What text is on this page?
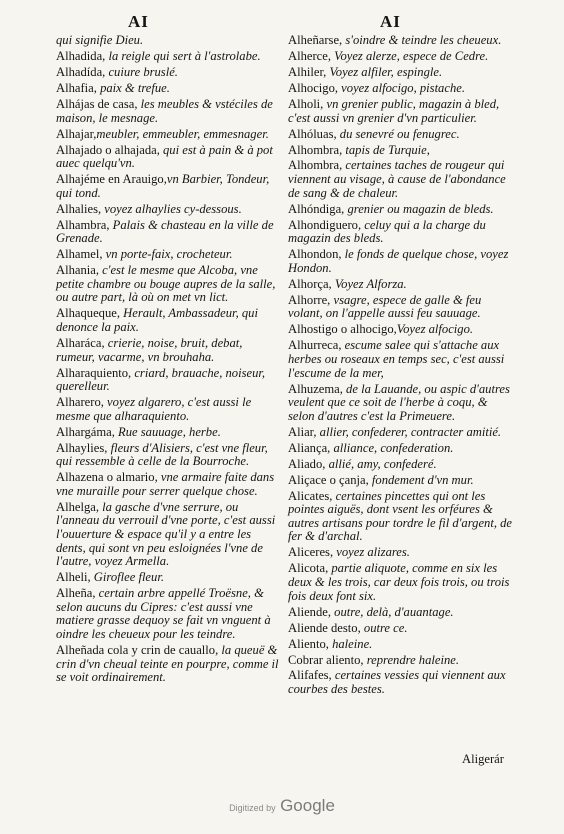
AI	AI
qui signifie Dieu.
Alhadida, la reigle qui sert à l'astrolabe.
Alhadída, cuiure bruslé.
Alhafia, paix & trefue.
Alhájas de casa, les meubles & vstéciles de maison, le mesnage.
Alhajar,meubler, emmeubler, emmesnager.
Alhajado o alhajada, qui est à pain & à pot auec quelqu'vn.
Alhajéme en Arauigo,vn Barbier, Tondeur, qui tond.
Alhalies, voyez alhaylies cy-dessous.
Alhambra, Palais & chasteau en la ville de Grenade.
Alhamel, vn porte-faix, crocheteur.
Alhania, c'est le mesme que Alcoba, vne petite chambre ou bouge aupres de la salle, ou autre part, là où on met vn lict.
Alhaqueque, Herault, Ambassadeur, qui denonce la paix.
Alharáca, crierie, noise, bruit, debat, rumeur, vacarme, vn brouhaha.
Alharaquiento, criard, brauache, noiseur, querelleur.
Alharero, voyez algarero, c'est aussi le mesme que alharaquiento.
Alhargáma, Rue sauuage, herbe.
Alhaylies, fleurs d'Alisiers, c'est vne fleur, qui ressemble à celle de la Bourroche.
Alhazena o almario, vne armaire faite dans vne muraille pour serrer quelque chose.
Alhelga, la gasche d'vne serrure, ou l'anneau du verrouil d'vne porte, c'est aussi l'ouuerture & espace qu'il y a entre les dents, qui sont vn peu esloignées l'vne de l'autre, voyez Armella.
Alheli, Giroflee fleur.
Alheña, certain arbre appellé Troësne, & selon aucuns du Cipres: c'est aussi vne matiere grasse dequoy se fait vn vnguent à oindre les cheueux pour les teindre.
Alheñada cola y crin de cauallo, la queuë & crin d'vn cheual teinte en pourpre, comme il se voit ordinairement.
Alheñarse, s'oindre & teindre les cheueux.
Alherce, Voyez alerze, espece de Cedre.
Alhiler, Voyez alfiler, espingle.
Alhocigo, voyez alfocigo, pistache.
Alholi, vn grenier public, magazin à bled, c'est aussi vn grenier d'vn particulier.
Alhóluas, du senevré ou fenugrec.
Alhombra, tapis de Turquie,
Alhombra, certaines taches de rougeur qui viennent au visage, à cause de l'abondance de sang & de chaleur.
Alhóndiga, grenier ou magazin de bleds.
Alhondiguero, celuy qui a la charge du magazin des bleds.
Alhondon, le fonds de quelque chose, voyez Hondon.
Alhorça, Voyez Alforza.
Alhorre, vsagre, espece de galle & feu volant, on l'appelle aussi feu sauuage.
Alhostigo o alhocigo,Voyez alfocigo.
Alhurreca, escume salee qui s'attache aux herbes ou roseaux en temps sec, c'est aussi l'escume de la mer,
Alhuzema, de la Lauande, ou aspic d'autres veulent que ce soit de l'herbe à coqu, & selon d'autres c'est la Primeuere.
Aliar, allier, confederer, contracter amitié.
Aliança, alliance, confederation.
Aliado, allié, amy, confederé.
Aliçace o çanja, fondement d'vn mur.
Alicates, certaines pincettes qui ont les pointes aiguës, dont vsent les orféures & autres artisans pour tordre le fil d'argent, de fer & d'archal.
Aliceres, voyez alizares.
Alicota, partie aliquote, comme en six les deux & les trois, car deux fois trois, ou trois fois deux font six.
Aliende, outre, delà, d'auantage.
Aliende desto, outre ce.
Aliento, haleine.
Cobrar aliento, reprendre haleine.
Alifafes, certaines vessies qui viennent aux courbes des bestes.
Aligerár
Digitized by Google
